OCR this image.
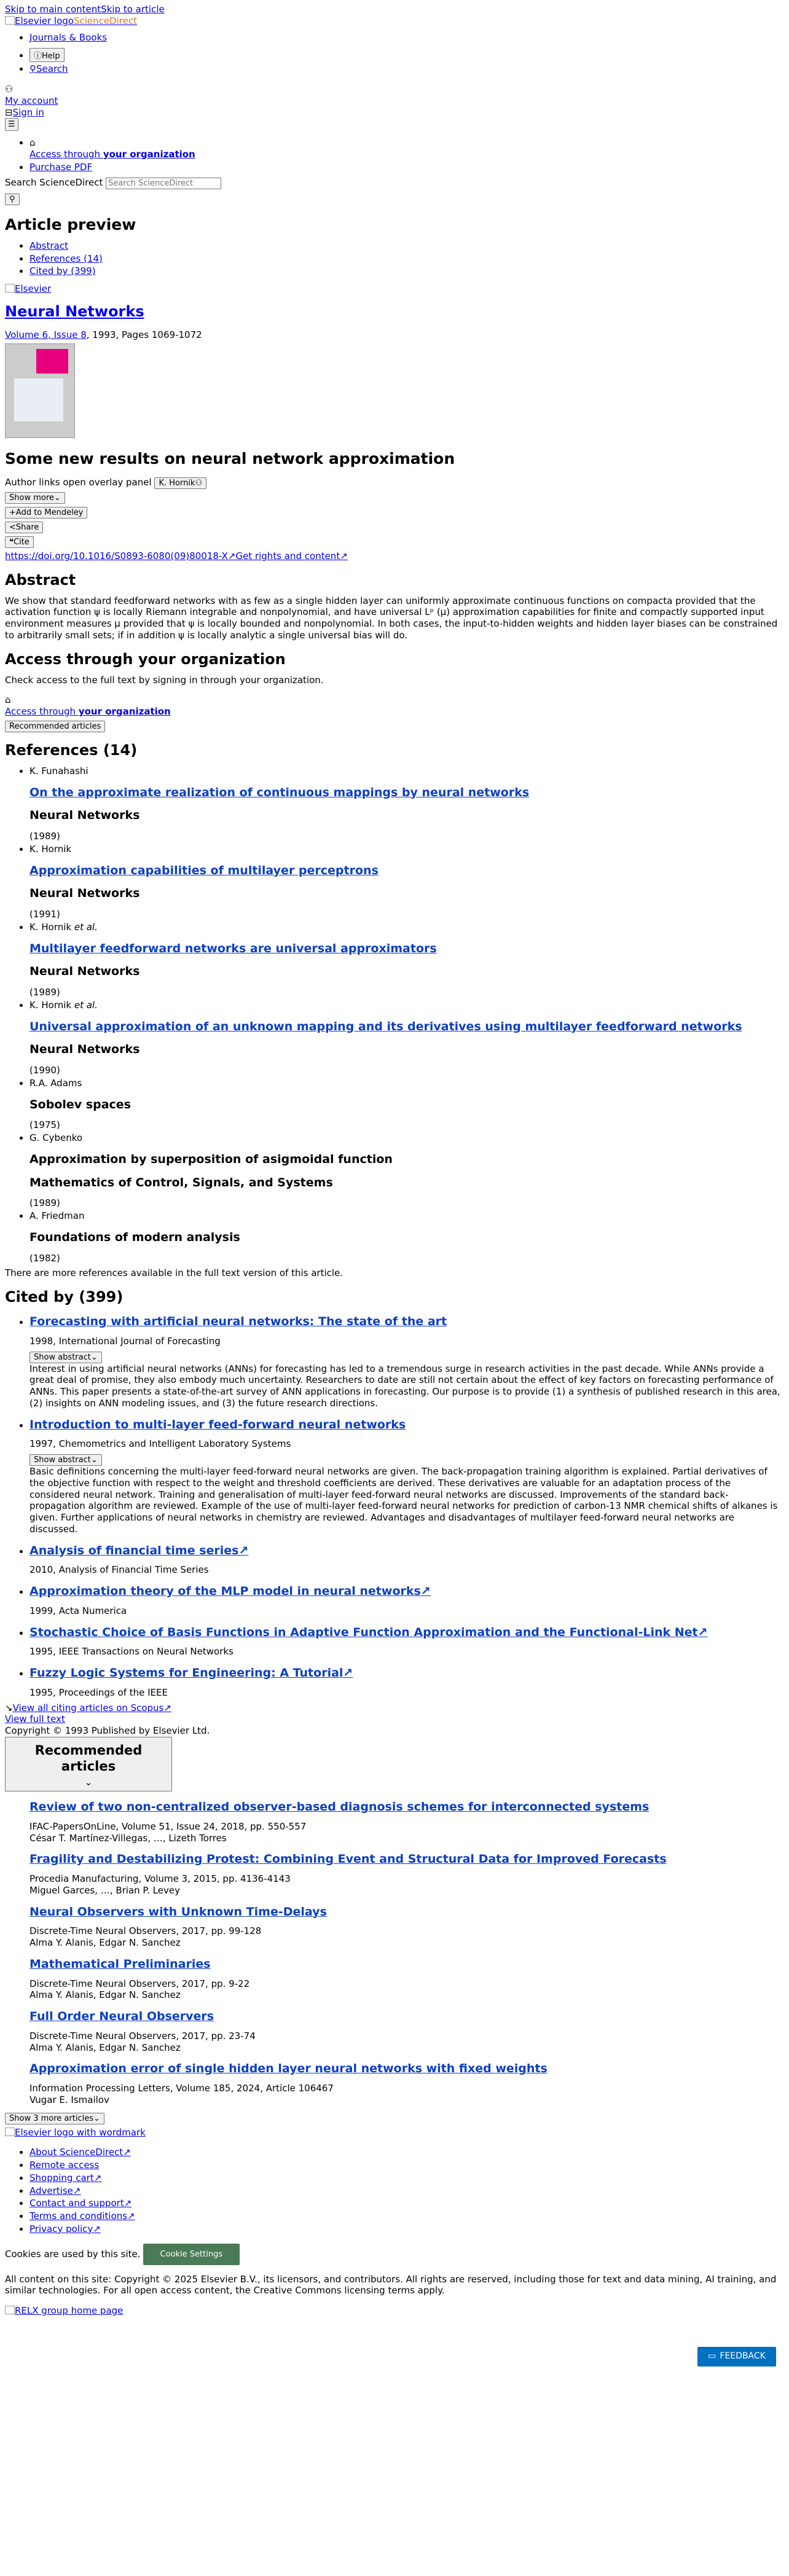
Skip to main contentSkip to article
Elsevier logoScienceDirect
• Journals & Books
• ⓘHelp
• ⚲Search
⚇
My account
⊟Sign in
☰
• ⌂
Access through your organization
• Purchase PDF
Search ScienceDirect Search ScienceDirect
⚲
Article preview
• Abstract
• References (14)
• Cited by (399)
Elsevier
Neural Networks
Volume 6, Issue 8, 1993, Pages 1069-1072
Some new results on neural network approximation
Author links open overlay panel K. Hornik⚇
Show more⌄
+Add to Mendeley
<Share
❝Cite
https://doi.org/10.1016/S0893-6080(09)80018-X↗Get rights and content↗
Abstract
We show that standard feedforward networks with as few as a single hidden layer can uniformly approximate continuous functions on compacta provided that the activation function ψ is locally Riemann integrable and nonpolynomial, and have universal Lᵖ (μ) approximation capabilities for finite and compactly supported input environment measures μ provided that ψ is locally bounded and nonpolynomial. In both cases, the input-to-hidden weights and hidden layer biases can be constrained to arbitrarily small sets; if in addition ψ is locally analytic a single universal bias will do.
Access through your organization
Check access to the full text by signing in through your organization.
⌂
Access through your organization
Recommended articles
References (14)
• K. Funahashi
On the approximate realization of continuous mappings by neural networks
Neural Networks
(1989)
• K. Hornik
Approximation capabilities of multilayer perceptrons
Neural Networks
(1991)
• K. Hornik et al.
Multilayer feedforward networks are universal approximators
Neural Networks
(1989)
• K. Hornik et al.
Universal approximation of an unknown mapping and its derivatives using multilayer feedforward networks
Neural Networks
(1990)
• R.A. Adams
Sobolev spaces
(1975)
• G. Cybenko
Approximation by superposition of asigmoidal function
Mathematics of Control, Signals, and Systems
(1989)
• A. Friedman
Foundations of modern analysis
(1982)
There are more references available in the full text version of this article.
Cited by (399)
• Forecasting with artificial neural networks: The state of the art
1998, International Journal of Forecasting
Show abstract⌄
Interest in using artificial neural networks (ANNs) for forecasting has led to a tremendous surge in research activities in the past decade. While ANNs provide a great deal of promise, they also embody much uncertainty. Researchers to date are still not certain about the effect of key factors on forecasting performance of ANNs. This paper presents a state-of-the-art survey of ANN applications in forecasting. Our purpose is to provide (1) a synthesis of published research in this area, (2) insights on ANN modeling issues, and (3) the future research directions.
• Introduction to multi-layer feed-forward neural networks
1997, Chemometrics and Intelligent Laboratory Systems
Show abstract⌄
Basic definitions concerning the multi-layer feed-forward neural networks are given. The back-propagation training algorithm is explained. Partial derivatives of the objective function with respect to the weight and threshold coefficients are derived. These derivatives are valuable for an adaptation process of the considered neural network. Training and generalisation of multi-layer feed-forward neural networks are discussed. Improvements of the standard back-propagation algorithm are reviewed. Example of the use of multi-layer feed-forward neural networks for prediction of carbon-13 NMR chemical shifts of alkanes is given. Further applications of neural networks in chemistry are reviewed. Advantages and disadvantages of multilayer feed-forward neural networks are discussed.
• Analysis of financial time series↗
2010, Analysis of Financial Time Series
• Approximation theory of the MLP model in neural networks↗
1999, Acta Numerica
• Stochastic Choice of Basis Functions in Adaptive Function Approximation and the Functional-Link Net↗
1995, IEEE Transactions on Neural Networks
• Fuzzy Logic Systems for Engineering: A Tutorial↗
1995, Proceedings of the IEEE
↘View all citing articles on Scopus↗
View full text
Copyright © 1993 Published by Elsevier Ltd.
Recommended articles
⌄
Review of two non-centralized observer-based diagnosis schemes for interconnected systems
IFAC-PapersOnLine, Volume 51, Issue 24, 2018, pp. 550-557
César T. Martínez-Villegas, …, Lizeth Torres
Fragility and Destabilizing Protest: Combining Event and Structural Data for Improved Forecasts
Procedia Manufacturing, Volume 3, 2015, pp. 4136-4143
Miguel Garces, …, Brian P. Levey
Neural Observers with Unknown Time-Delays
Discrete-Time Neural Observers, 2017, pp. 99-128
Alma Y. Alanis, Edgar N. Sanchez
Mathematical Preliminaries
Discrete-Time Neural Observers, 2017, pp. 9-22
Alma Y. Alanis, Edgar N. Sanchez
Full Order Neural Observers
Discrete-Time Neural Observers, 2017, pp. 23-74
Alma Y. Alanis, Edgar N. Sanchez
Approximation error of single hidden layer neural networks with fixed weights
Information Processing Letters, Volume 185, 2024, Article 106467
Vugar E. Ismailov
Show 3 more articles⌄
Elsevier logo with wordmark
• About ScienceDirect↗
• Remote access
• Shopping cart↗
• Advertise↗
• Contact and support↗
• Terms and conditions↗
• Privacy policy↗
Cookies are used by this site.	Cookie Settings
All content on this site: Copyright © 2025 Elsevier B.V., its licensors, and contributors. All rights are reserved, including those for text and data mining, AI training, and similar technologies. For all open access content, the Creative Commons licensing terms apply.
RELX group home page
▭ FEEDBACK
